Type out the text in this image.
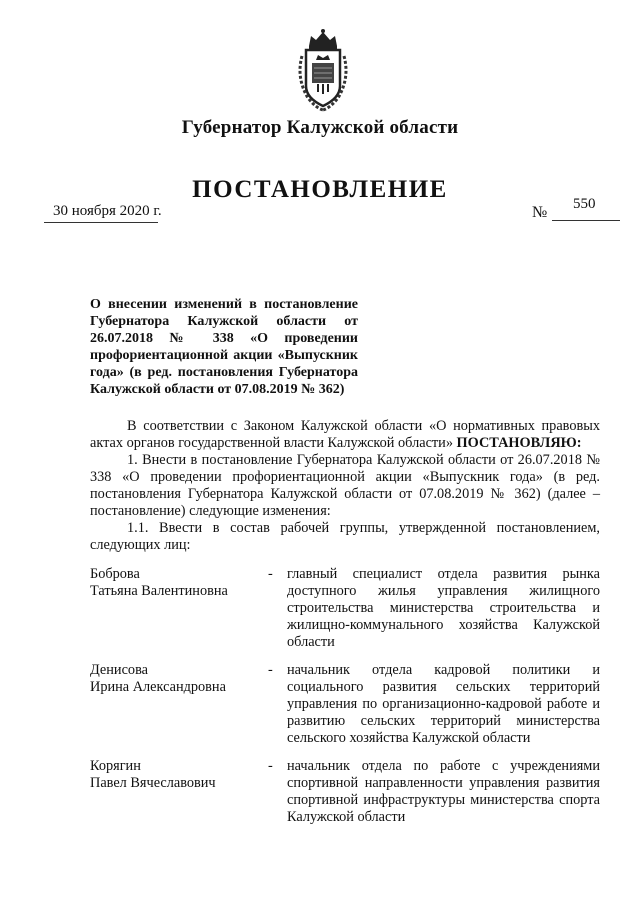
Губернатор Калужской области
ПОСТАНОВЛЕНИЕ
30 ноября 2020 г.	№ 550
О внесении изменений в постановление Губернатора Калужской области от 26.07.2018 № 338 «О проведении профориентационной акции «Выпускник года» (в ред. постановления Губернатора Калужской области от 07.08.2019 № 362)

В соответствии с Законом Калужской области «О нормативных правовых актах органов государственной власти Калужской области» ПОСТАНОВЛЯЮ:

1. Внести в постановление Губернатора Калужской области от 26.07.2018 № 338 «О проведении профориентационной акции «Выпускник года» (в ред. постановления Губернатора Калужской области от 07.08.2019 № 362) (далее – постановление) следующие изменения:

1.1. Ввести в состав рабочей группы, утвержденной постановлением, следующих лиц:

Боброва
Татьяна Валентиновна
- главный специалист отдела развития рынка доступного жилья управления жилищного строительства министерства строительства и жилищно-коммунального хозяйства Калужской области
Денисова
Ирина Александровна
- начальник отдела кадровой политики и социального развития сельских территорий управления по организационно-кадровой работе и развитию сельских территорий министерства сельского хозяйства Калужской области
Корягин
Павел Вячеславович
- начальник отдела по работе с учреждениями спортивной направленности управления развития спортивной инфраструктуры министерства спорта Калужской области
